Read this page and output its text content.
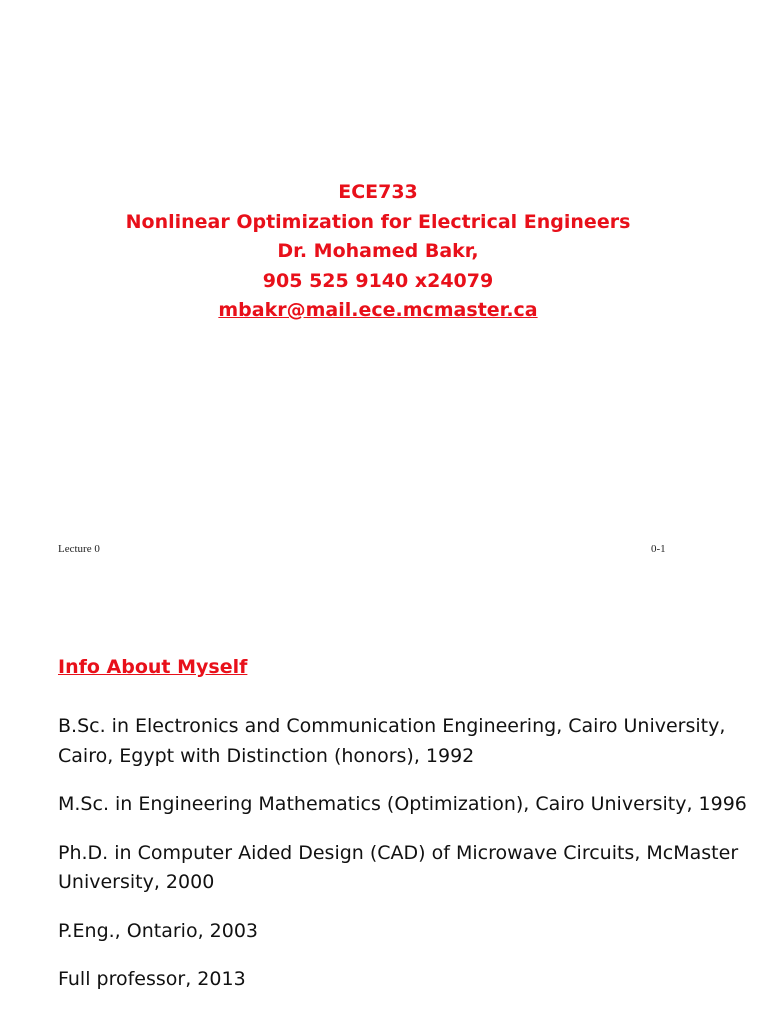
ECE733
Nonlinear Optimization for Electrical Engineers
Dr. Mohamed Bakr,
905 525 9140 x24079
mbakr@mail.ece.mcmaster.ca
Lecture 0	0-1
Info About Myself

B.Sc. in Electronics and Communication Engineering, Cairo University, Cairo, Egypt with Distinction (honors), 1992

M.Sc. in Engineering Mathematics (Optimization), Cairo University, 1996

Ph.D. in Computer Aided Design (CAD) of Microwave Circuits, McMaster University, 2000

P.Eng., Ontario, 2003

Full professor, 2013
